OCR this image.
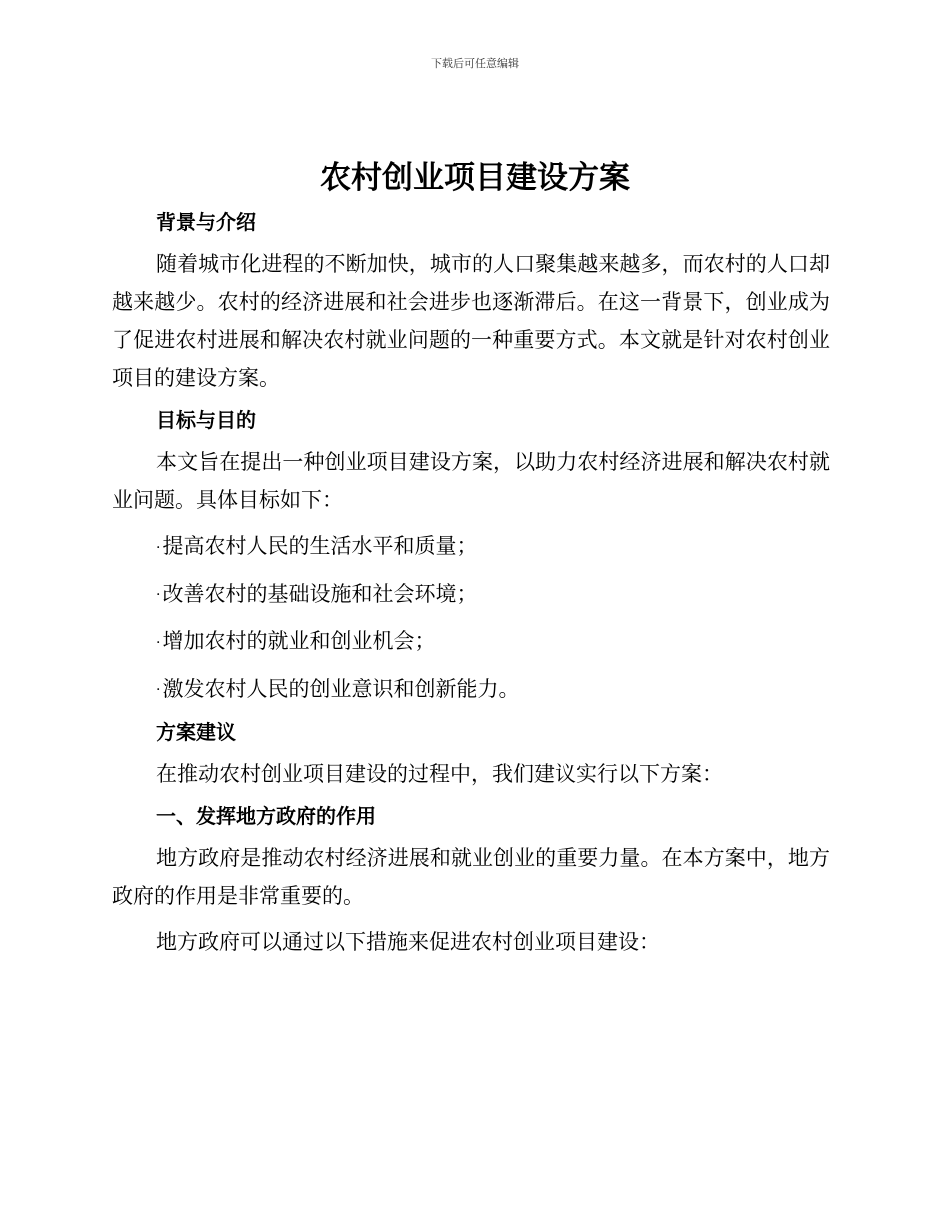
下载后可任意编辑
农村创业项目建设方案
背景与介绍

随着城市化进程的不断加快，城市的人口聚集越来越多，而农村的人口却越来越少。农村的经济进展和社会进步也逐渐滞后。在这一背景下，创业成为了促进农村进展和解决农村就业问题的一种重要方式。本文就是针对农村创业项目的建设方案。

目标与目的

本文旨在提出一种创业项目建设方案，以助力农村经济进展和解决农村就业问题。具体目标如下：

·提高农村人民的生活水平和质量；
·改善农村的基础设施和社会环境；
·增加农村的就业和创业机会；
·激发农村人民的创业意识和创新能力。
方案建议

在推动农村创业项目建设的过程中，我们建议实行以下方案：

一、发挥地方政府的作用

地方政府是推动农村经济进展和就业创业的重要力量。在本方案中，地方政府的作用是非常重要的。

地方政府可以通过以下措施来促进农村创业项目建设：
